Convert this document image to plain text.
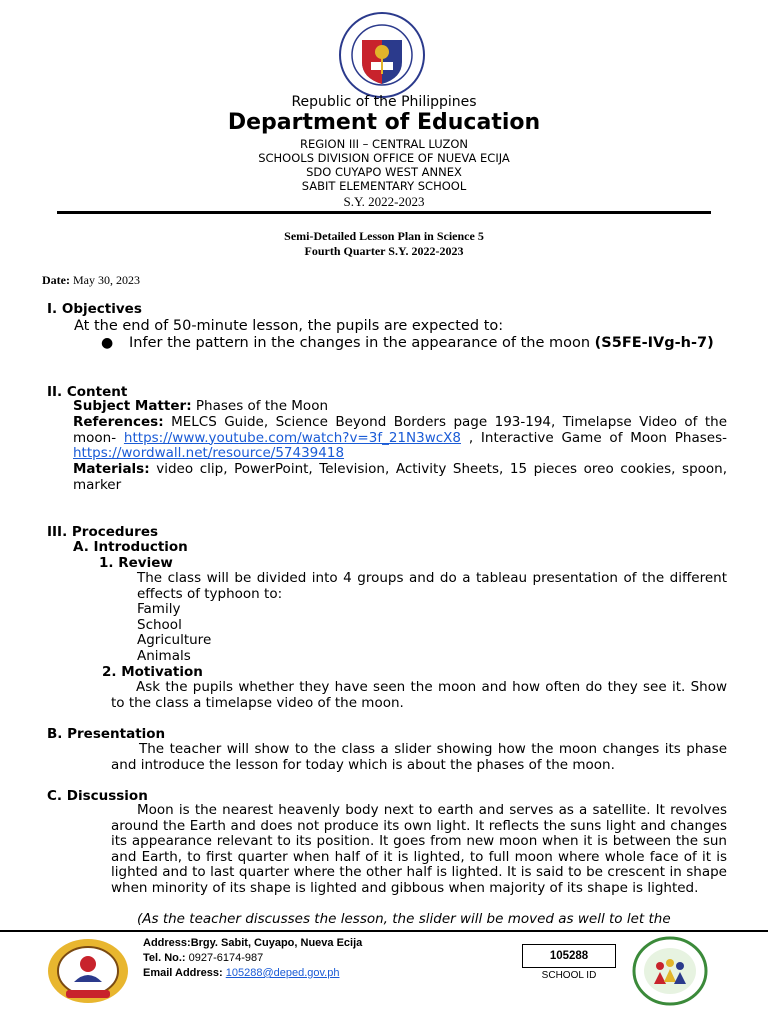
Republic of the Philippines
Department of Education
REGION III – CENTRAL LUZON
SCHOOLS DIVISION OFFICE OF NUEVA ECIJA
SDO CUYAPO WEST ANNEX
SABIT ELEMENTARY SCHOOL
S.Y. 2022-2023
Semi-Detailed Lesson Plan in Science 5
Fourth Quarter S.Y. 2022-2023
Date: May 30, 2023
I. Objectives
At the end of 50-minute lesson, the pupils are expected to:
● Infer the pattern in the changes in the appearance of the moon (S5FE-IVg-h-7)
II. Content
Subject Matter: Phases of the Moon
References: MELCS Guide, Science Beyond Borders page 193-194, Timelapse Video of the moon- https://www.youtube.com/watch?v=3f_21N3wcX8 , Interactive Game of Moon Phases- https://wordwall.net/resource/57439418
Materials: video clip, PowerPoint, Television, Activity Sheets, 15 pieces oreo cookies, spoon, marker
III. Procedures
A. Introduction
1. Review
The class will be divided into 4 groups and do a tableau presentation of the different effects of typhoon to:
Family
School
Agriculture
Animals
2. Motivation
Ask the pupils whether they have seen the moon and how often do they see it. Show to the class a timelapse video of the moon.
B. Presentation
The teacher will show to the class a slider showing how the moon changes its phase and introduce the lesson for today which is about the phases of the moon.
C. Discussion
Moon is the nearest heavenly body next to earth and serves as a satellite. It revolves around the Earth and does not produce its own light. It reflects the suns light and changes its appearance relevant to its position. It goes from new moon when it is between the sun and Earth, to first quarter when half of it is lighted, to full moon where whole face of it is lighted and to last quarter where the other half is lighted. It is said to be crescent in shape when minority of its shape is lighted and gibbous when majority of its shape is lighted.
(As the teacher discusses the lesson, the slider will be moved as well to let the
Address:Brgy. Sabit, Cuyapo, Nueva Ecija
Tel. No.: 0927-6174-987
Email Address: 105288@deped.gov.ph
105288
SCHOOL ID
